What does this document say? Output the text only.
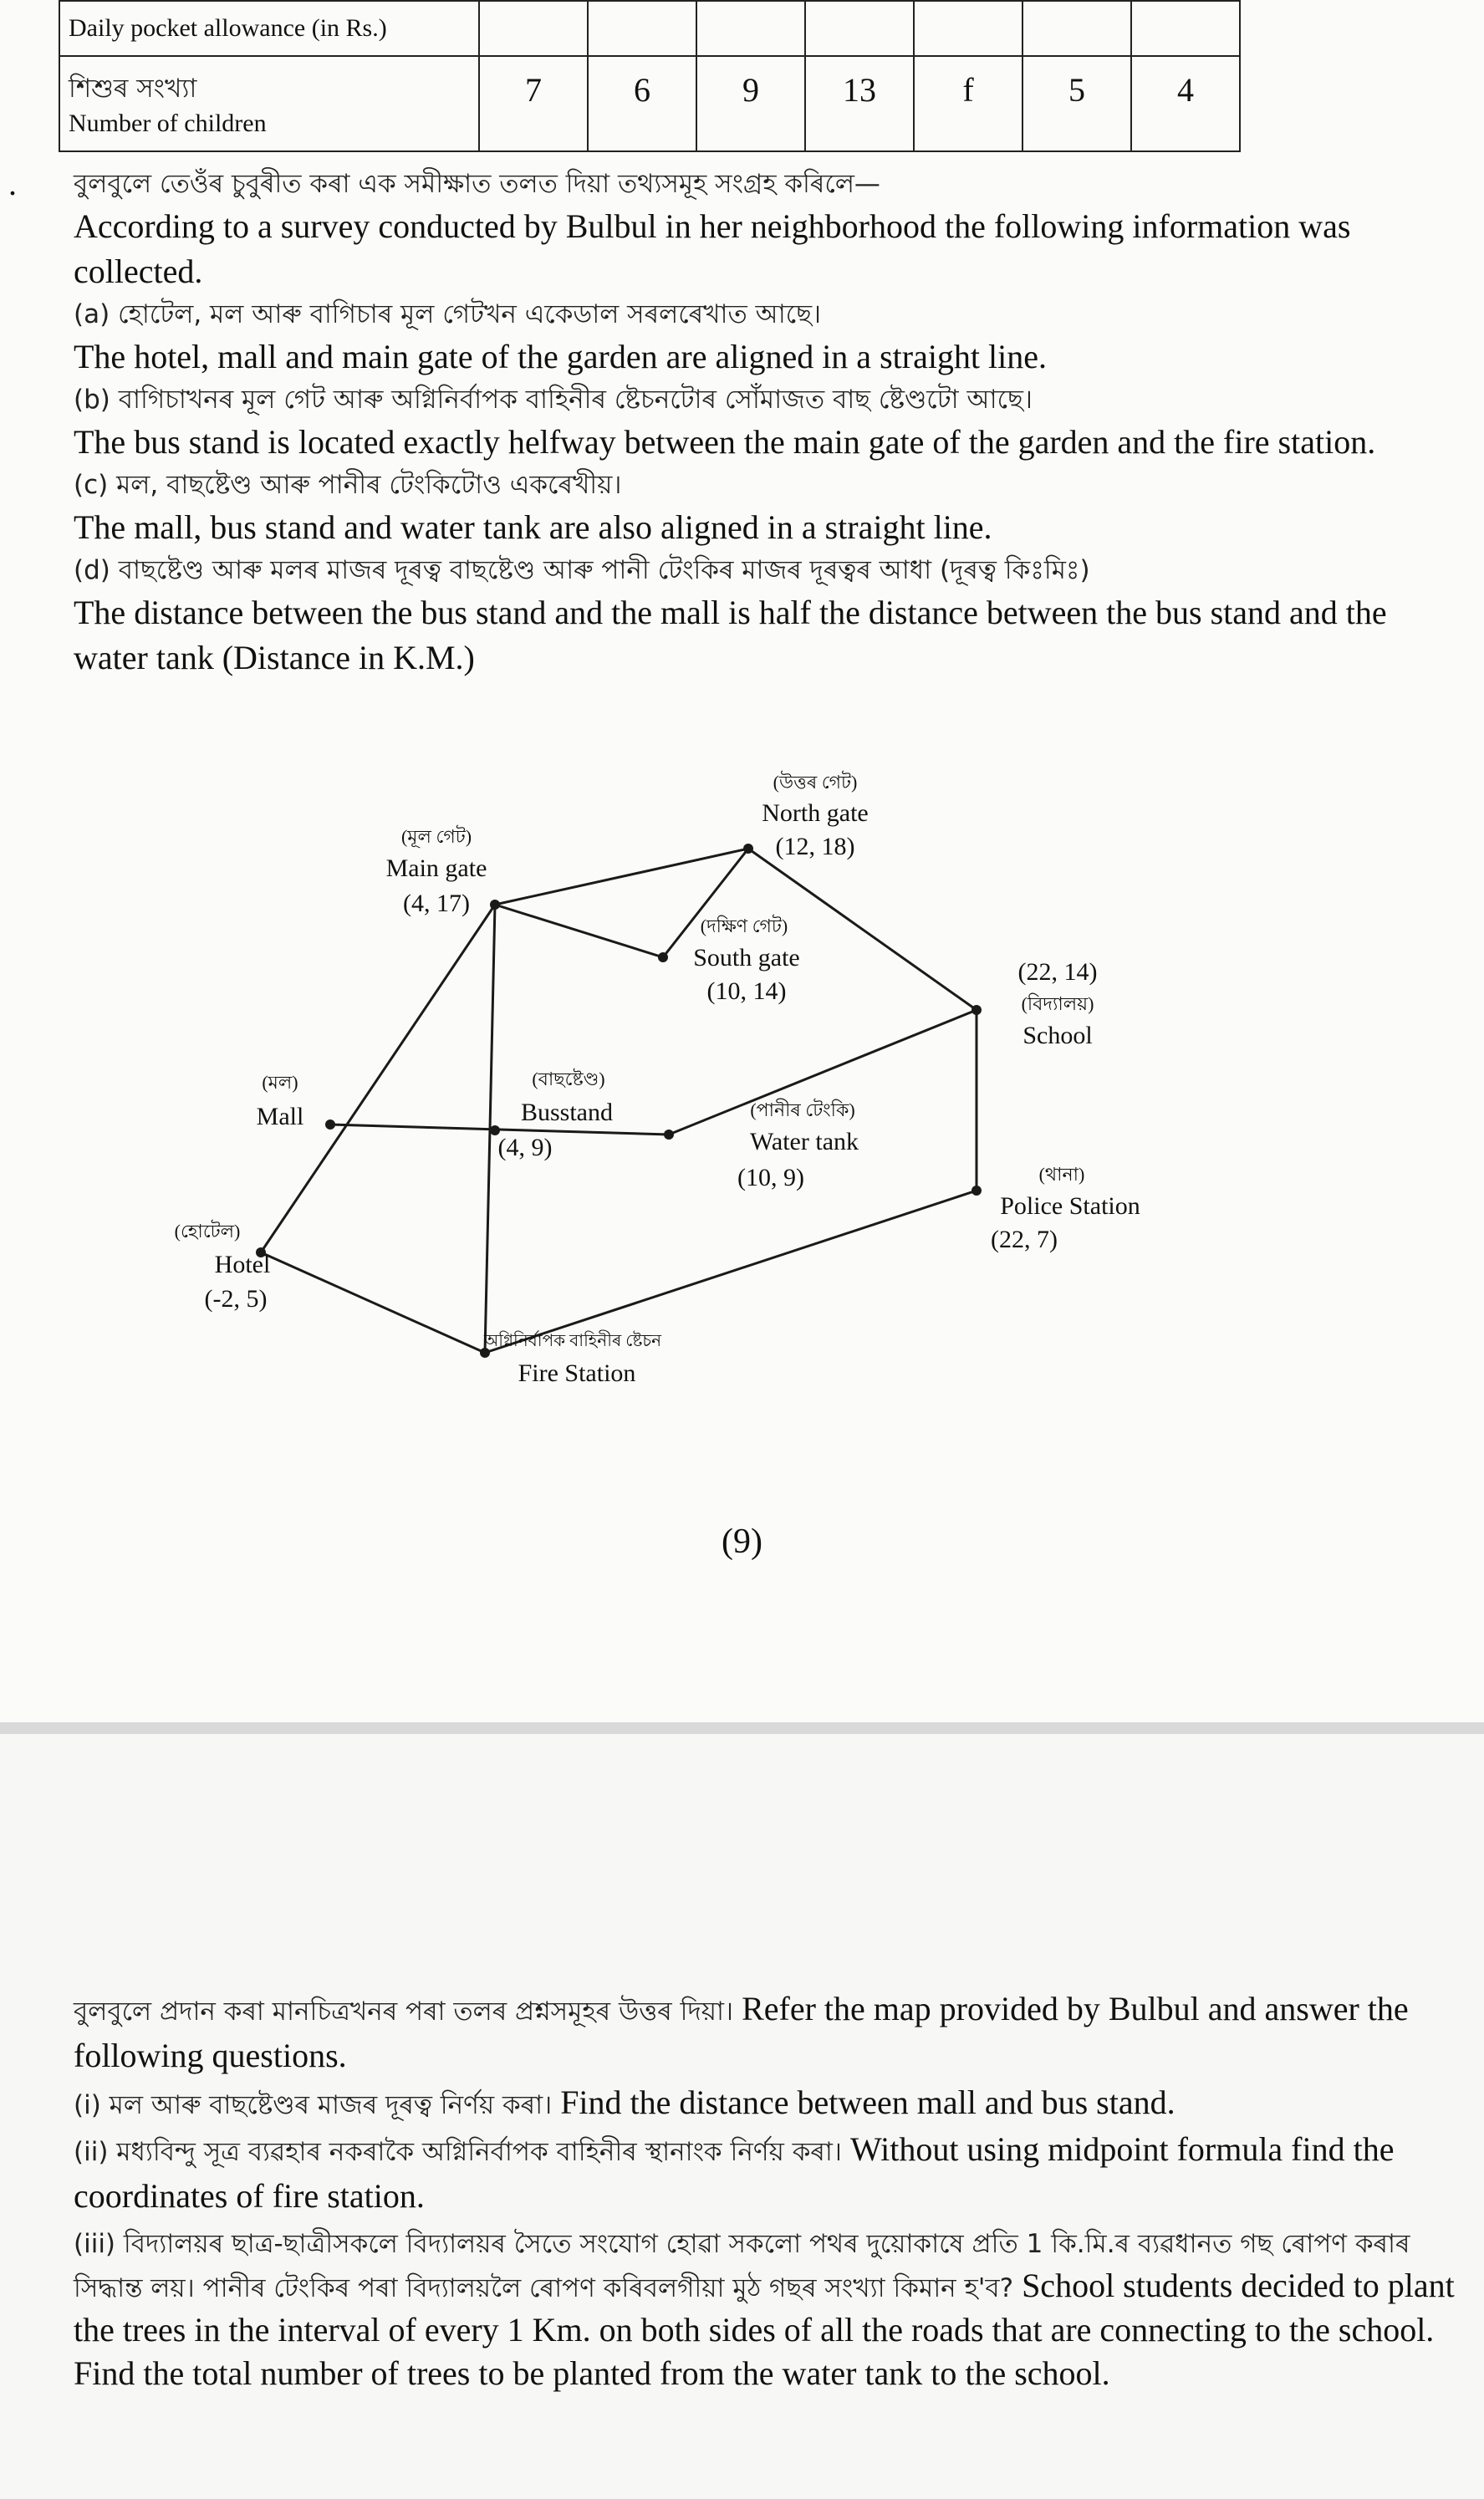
Daily pocket allowance (in Rs.)							

শিশুৰ সংখ্যা
Number of children	7	6	9	13	f	5	4
. বুলবুলে তেওঁৰ চুবুৰীত কৰা এক সমীক্ষাত তলত দিয়া তথ্যসমূহ সংগ্ৰহ কৰিলে—
According to a survey conducted by Bulbul in her neighborhood the following information was collected.
(a) হোটেল, মল আৰু বাগিচাৰ মূল গেটখন একেডাল সৰলৰেখাত আছে।
The hotel, mall and main gate of the garden are aligned in a straight line.
(b) বাগিচাখনৰ মূল গেট আৰু অগ্নিনিৰ্বাপক বাহিনীৰ ষ্টেচনটোৰ সোঁমাজত বাছ ষ্টেণ্ডটো আছে।
The bus stand is located exactly helfway between the main gate of the garden and the fire station.
(c) মল, বাছষ্টেণ্ড আৰু পানীৰ টেংকিটোও একৰেখীয়।
The mall, bus stand and water tank are also aligned in a straight line.
(d) বাছষ্টেণ্ড আৰু মলৰ মাজৰ দূৰত্ব বাছষ্টেণ্ড আৰু পানী টেংকিৰ মাজৰ দূৰত্বৰ আধা (দূৰত্ব কিঃমিঃ)
The distance between the bus stand and the mall is half the distance between the bus stand and the water tank (Distance in K.M.)
(উত্তৰ গেট)
North gate
(12, 18)
(মূল গেট)
Main gate
(4, 17)
(দক্ষিণ গেট)
South gate
(10, 14)
(22, 14)
(বিদ্যালয়)
School
(মল)
Mall
(বাছষ্টেণ্ড)
Busstand
(4, 9)
(পানীৰ টেংকি)
Water tank
(10, 9)	(থানা)
Police Station
(22, 7)
(হোটেল)
Hotel
(-2, 5)
অগ্নিনিৰ্বাপক বাহিনীৰ ষ্টেচন
Fire Station
(9)
বুলবুলে প্ৰদান কৰা মানচিত্ৰখনৰ পৰা তলৰ প্ৰশ্নসমূহৰ উত্তৰ দিয়া। Refer the map provided by Bulbul and answer the following questions.
(i) মল আৰু বাছষ্টেণ্ডৰ মাজৰ দূৰত্ব নিৰ্ণয় কৰা। Find the distance between mall and bus stand.
(ii) মধ্যবিন্দু সূত্ৰ ব্যৱহাৰ নকৰাকৈ অগ্নিনিৰ্বাপক বাহিনীৰ স্থানাংক নিৰ্ণয় কৰা। Without using midpoint formula find the coordinates of fire station.
(iii) বিদ্যালয়ৰ ছাত্ৰ-ছাত্ৰীসকলে বিদ্যালয়ৰ সৈতে সংযোগ হোৱা সকলো পথৰ দুয়োকাষে প্ৰতি 1 কি.মি.ৰ ব্যৱধানত গছ ৰোপণ কৰাৰ সিদ্ধান্ত লয়। পানীৰ টেংকিৰ পৰা বিদ্যালয়লৈ ৰোপণ কৰিবলগীয়া মুঠ গছৰ সংখ্যা কিমান হ'ব? School students decided to plant the trees in the interval of every 1 Km. on both sides of all the roads that are connecting to the school. Find the total number of trees to be planted from the water tank to the school.
